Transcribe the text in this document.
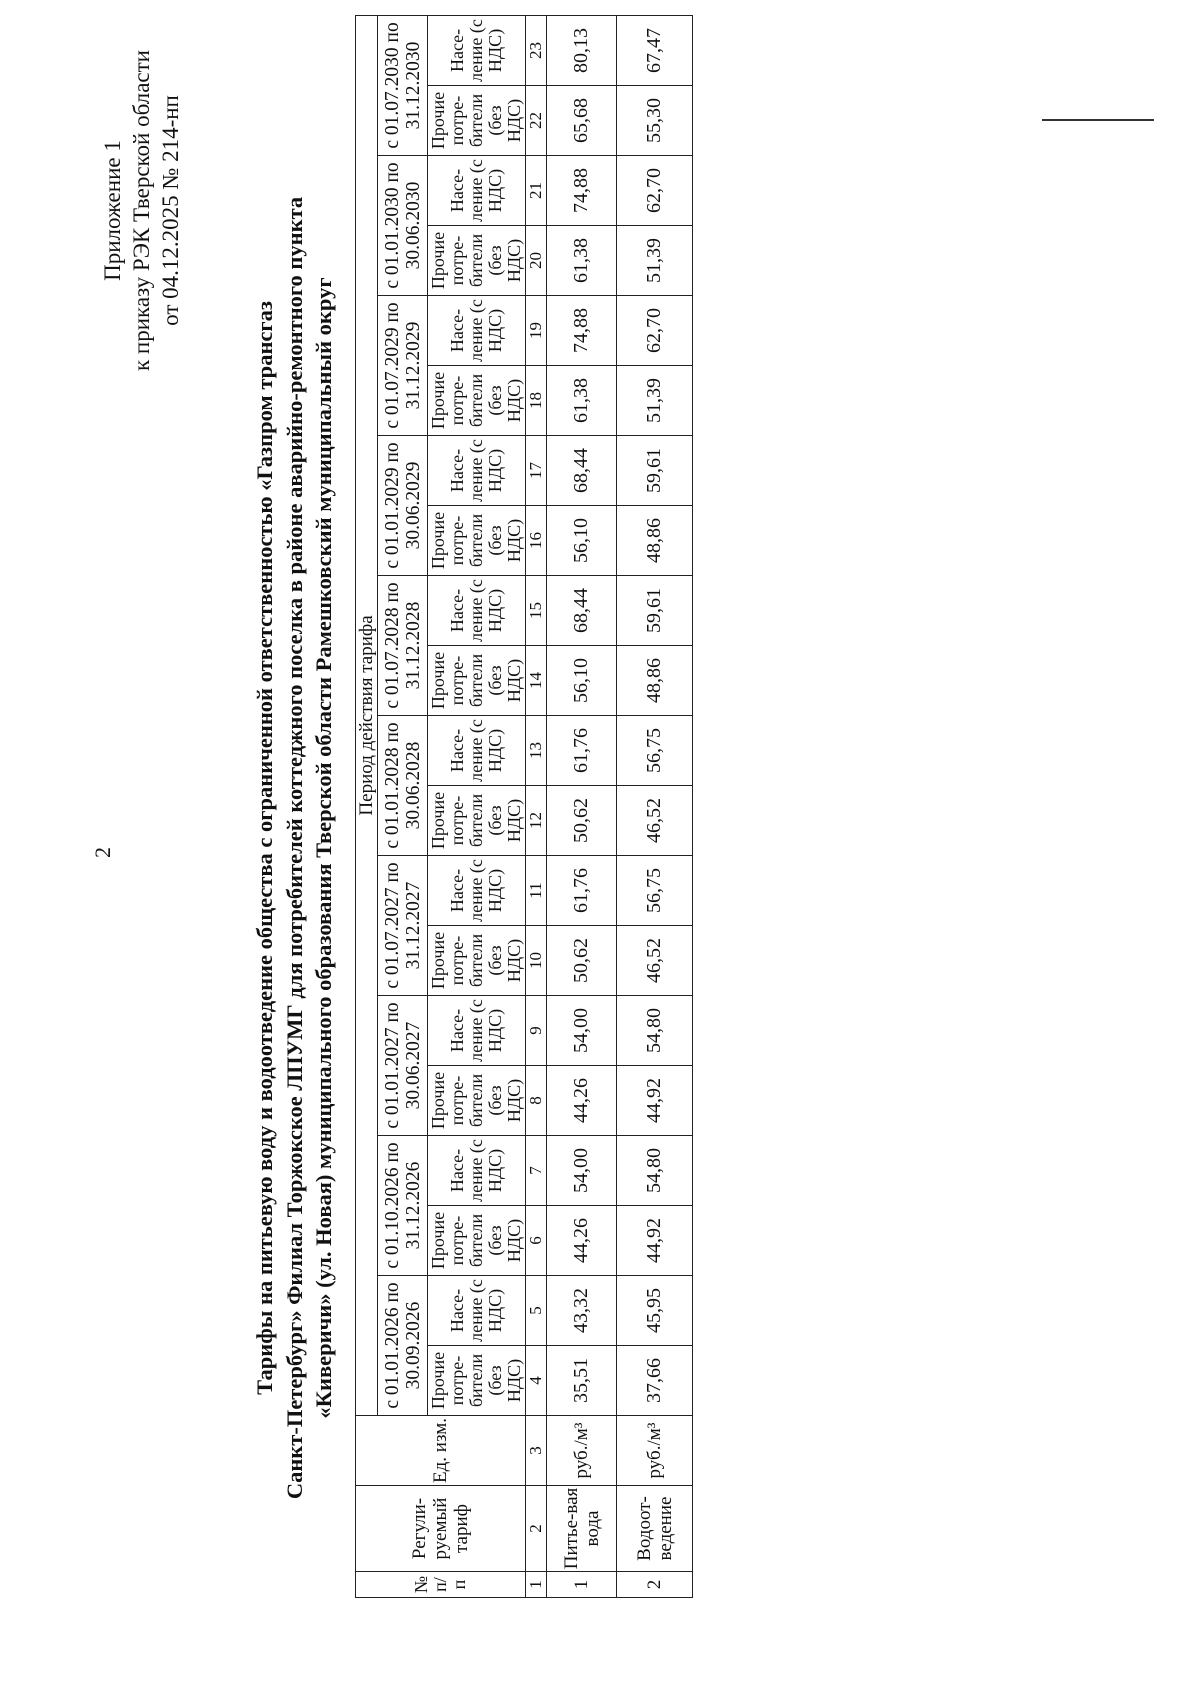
2
Приложение 1 к приказу РЭК Тверской области от 04.12.2025 № 214-нп
Тарифы на питьевую воду и водоотведение общества с ограниченной ответственностью «Газпром трансгаз Санкт-Петербург» Филиал Торжокское ЛПУМГ для потребителей коттеджного поселка в районе аварийно-ремонтного пункта «Киверичи» (ул. Новая) муниципального образования Тверской области Рамешковский муниципальный округ
№ п/п	Регули-руемый тариф	Ед. изм.	Период действия тарифа																			
			с 01.01.2026 по 30.09.2026		с 01.10.2026 по 31.12.2026		с 01.01.2027 по 30.06.2027		с 01.07.2027 по 31.12.2027		с 01.01.2028 по 30.06.2028		с 01.07.2028 по 31.12.2028		с 01.01.2029 по 30.06.2029		с 01.07.2029 по 31.12.2029		с 01.01.2030 по 30.06.2030		с 01.07.2030 по 31.12.2030	
			Прочие потре-бители (без НДС)	Насе-ление (с НДС)	Прочие потре-бители (без НДС)	Насе-ление (с НДС)	Прочие потре-бители (без НДС)	Насе-ление (с НДС)	Прочие потре-бители (без НДС)	Насе-ление (с НДС)	Прочие потре-бители (без НДС)	Насе-ление (с НДС)	Прочие потре-бители (без НДС)	Насе-ление (с НДС)	Прочие потре-бители (без НДС)	Насе-ление (с НДС)	Прочие потре-бители (без НДС)	Насе-ление (с НДС)	Прочие потре-бители (без НДС)	Насе-ление (с НДС)	Прочие потре-бители (без НДС)	Насе-ление (с НДС)
1	2	3	4	5	6	7	8	9	10	11	12	13	14	15	16	17	18	19	20	21	22	23
1	Питье-вая вода	руб./м³	35,51	43,32	44,26	54,00	44,26	54,00	50,62	61,76	50,62	61,76	56,10	68,44	56,10	68,44	61,38	74,88	61,38	74,88	65,68	80,13
2	Водоот-ведение	руб./м³	37,66	45,95	44,92	54,80	44,92	54,80	46,52	56,75	46,52	56,75	48,86	59,61	48,86	59,61	51,39	62,70	51,39	62,70	55,30	67,47
